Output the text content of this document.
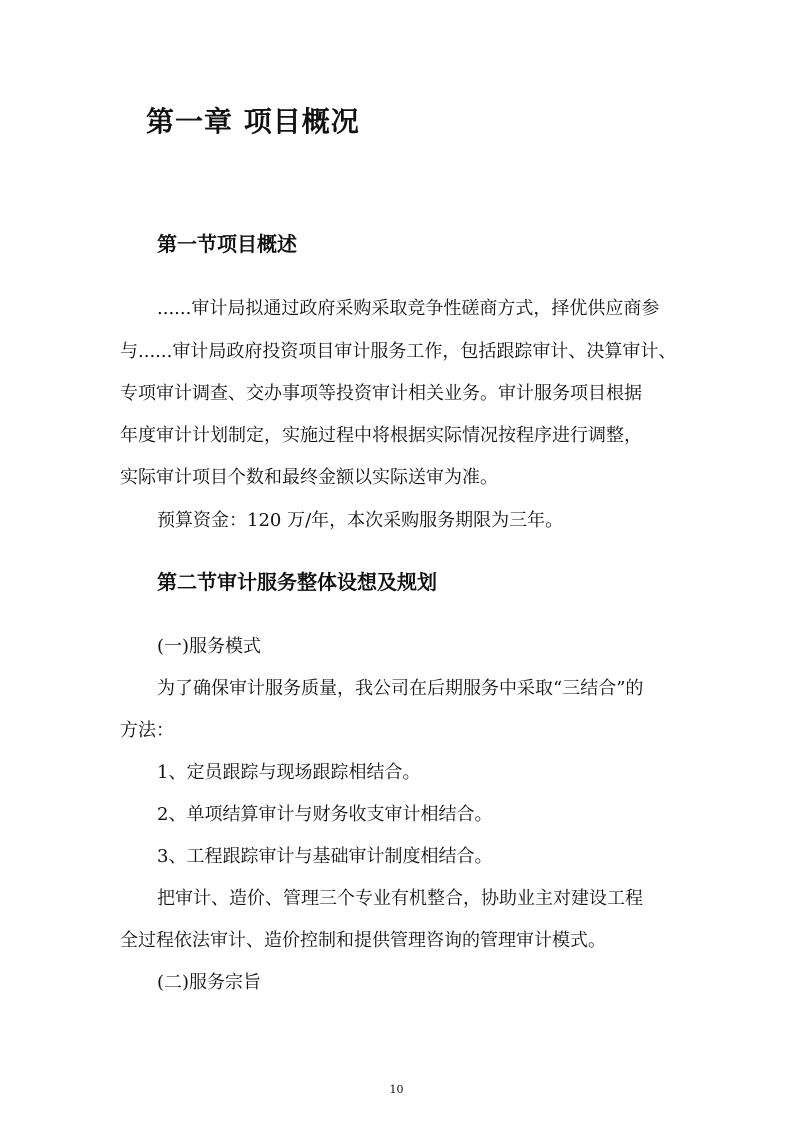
第一章 项目概况
第一节项目概述
......审计局拟通过政府采购采取竞争性磋商方式，择优供应商参
与......审计局政府投资项目审计服务工作，包括跟踪审计、决算审计、
专项审计调查、交办事项等投资审计相关业务。审计服务项目根据
年度审计计划制定，实施过程中将根据实际情况按程序进行调整，
实际审计项目个数和最终金额以实际送审为准。
预算资金：120 万/年，本次采购服务期限为三年。
第二节审计服务整体设想及规划
(一)服务模式
为了确保审计服务质量，我公司在后期服务中采取“三结合”的
方法：
1、定员跟踪与现场跟踪相结合。
2、单项结算审计与财务收支审计相结合。
3、工程跟踪审计与基础审计制度相结合。
把审计、造价、管理三个专业有机整合，协助业主对建设工程
全过程依法审计、造价控制和提供管理咨询的管理审计模式。
(二)服务宗旨
10
